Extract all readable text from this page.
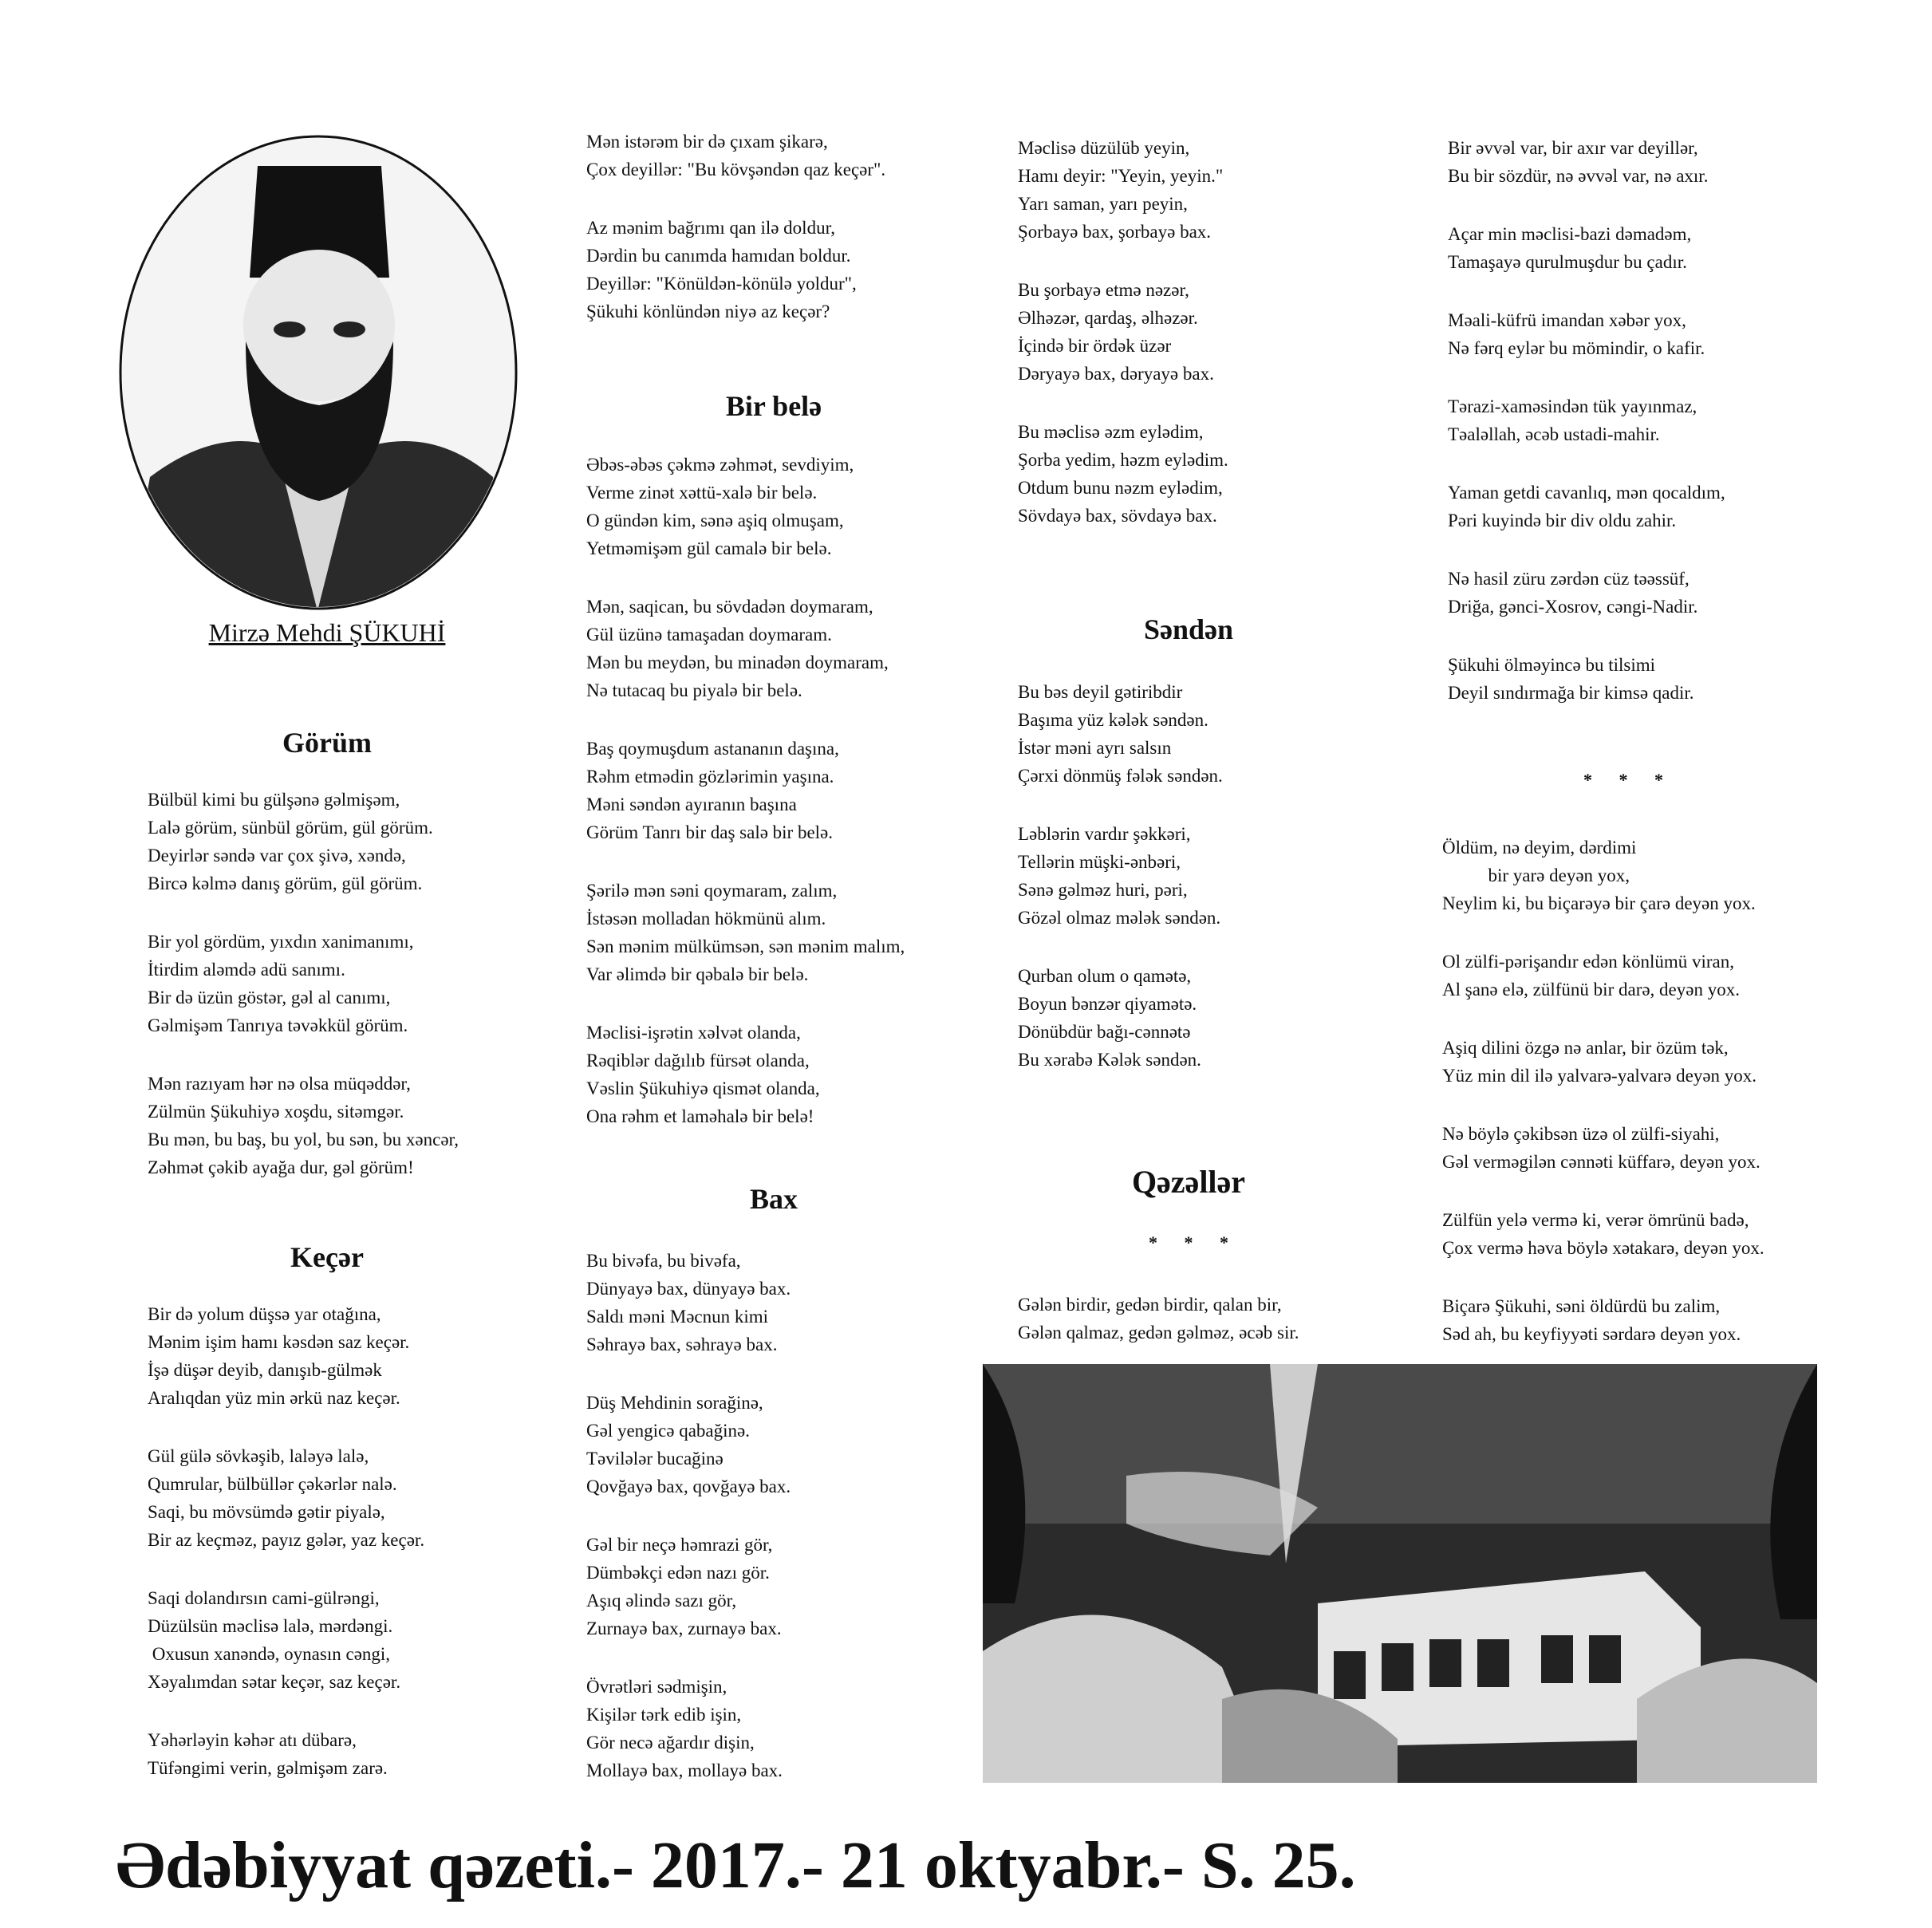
Mirzə Mehdi ŞÜKUHİ
Görüm
Bülbül kimi bu gülşənə gəlmişəm,
Lalə görüm, sünbül görüm, gül görüm.
Deyirlər səndə var çox şivə, xəndə,
Bircə kəlmə danış görüm, gül görüm.
Bir yol gördüm, yıxdın xanimanımı,
İtirdim aləmdə adü sanımı.
Bir də üzün göstər, gəl al canımı,
Gəlmişəm Tanrıya təvəkkül görüm.
Mən razıyam hər nə olsa müqəddər,
Zülmün Şükuhiyə xoşdu, sitəmgər.
Bu mən, bu baş, bu yol, bu sən, bu xəncər,
Zəhmət çəkib ayağa dur, gəl görüm!
Keçər
Bir də yolum düşsə yar otağına,
Mənim işim hamı kəsdən saz keçər.
İşə düşər deyib, danışıb-gülmək
Aralıqdan yüz min ərkü naz keçər.
Gül gülə sövkəşib, laləyə lalə,
Qumrular, bülbüllər çəkərlər nalə.
Saqi, bu mövsümdə gətir piyalə,
Bir az keçməz, payız gələr, yaz keçər.
Saqi dolandırsın cami-gülrəngi,
Düzülsün məclisə lalə, mərdəngi.
Oxusun xanəndə, oynasın cəngi,
Xəyalımdan sətar keçər, saz keçər.
Yəhərləyin kəhər atı dübarə,
Tüfəngimi verin, gəlmişəm zarə.
Mən istərəm bir də çıxam şikarə,
Çox deyillər: "Bu kövşəndən qaz keçər".
Az mənim bağrımı qan ilə doldur,
Dərdin bu canımda hamıdan boldur.
Deyillər: "Könüldən-könülə yoldur",
Şükuhi könlündən niyə az keçər?
Bir belə
Əbəs-əbəs çəkmə zəhmət, sevdiyim,
Verme zinət xəttü-xalə bir belə.
O gündən kim, sənə aşiq olmuşam,
Yetməmişəm gül camalə bir belə.
Mən, saqican, bu sövdadən doymaram,
Gül üzünə tamaşadan doymaram.
Mən bu meydən, bu minadən doymaram,
Nə tutacaq bu piyalə bir belə.
Baş qoymuşdum astananın daşına,
Rəhm etmədin gözlərimin yaşına.
Məni səndən ayıranın başına
Görüm Tanrı bir daş salə bir belə.
Şərilə mən səni qoymaram, zalım,
İstəsən molladan hökmünü alım.
Sən mənim mülkümsən, sən mənim malım,
Var əlimdə bir qəbalə bir belə.
Məclisi-işrətin xəlvət olanda,
Rəqiblər dağılıb fürsət olanda,
Vəslin Şükuhiyə qismət olanda,
Ona rəhm et laməhalə bir belə!
Bax
Bu bivəfa, bu bivəfa,
Dünyayə bax, dünyayə bax.
Saldı məni Məcnun kimi
Səhrayə bax, səhrayə bax.
Düş Mehdinin sorağinə,
Gəl yengicə qabağinə.
Təvilələr bucağinə
Qovğayə bax, qovğayə bax.
Gəl bir neçə həmrazi gör,
Dümbəkçi edən nazı gör.
Aşıq əlində sazı gör,
Zurnayə bax, zurnayə bax.
Övrətləri sədmişin,
Kişilər tərk edib işin,
Gör necə ağardır dişin,
Mollayə bax, mollayə bax.
Məclisə düzülüb yeyin,
Hamı deyir: "Yeyin, yeyin."
Yarı saman, yarı peyin,
Şorbayə bax, şorbayə bax.
Bu şorbayə etmə nəzər,
Əlhəzər, qardaş, əlhəzər.
İçində bir ördək üzər
Dəryayə bax, dəryayə bax.
Bu məclisə əzm eylədim,
Şorba yedim, həzm eylədim.
Otdum bunu nəzm eylədim,
Sövdayə bax, sövdayə bax.
Səndən
Bu bəs deyil gətiribdir
Başıma yüz kələk səndən.
İstər məni ayrı salsın
Çərxi dönmüş fələk səndən.
Ləblərin vardır şəkkəri,
Tellərin müşki-ənbəri,
Sənə gəlməz huri, pəri,
Gözəl olmaz mələk səndən.
Qurban olum o qamətə,
Boyun bənzər qiyamətə.
Dönübdür bağı-cənnətə
Bu xərabə Kələk səndən.
Qəzəllər
* * *
Gələn birdir, gedən birdir, qalan bir,
Gələn qalmaz, gedən gəlməz, əcəb sir.
Bir əvvəl var, bir axır var deyillər,
Bu bir sözdür, nə əvvəl var, nə axır.
Açar min məclisi-bazi dəmadəm,
Tamaşayə qurulmuşdur bu çadır.
Məali-küfrü imandan xəbər yox,
Nə fərq eylər bu mömindir, o kafir.
Tərazi-xaməsindən tük yayınmaz,
Təaləllah, əcəb ustadi-mahir.
Yaman getdi cavanlıq, mən qocaldım,
Pəri kuyində bir div oldu zahir.
Nə hasil züru zərdən cüz təəssüf,
Driğa, gənci-Xosrov, cəngi-Nadir.
Şükuhi ölməyincə bu tilsimi
Deyil sındırmağa bir kimsə qadir.
* * *
Öldüm, nə deyim, dərdimi
bir yarə deyən yox,
Neylim ki, bu biçarəyə bir çarə deyən yox.
Ol zülfi-pərişandır edən könlümü viran,
Al şanə elə, zülfünü bir darə, deyən yox.
Aşiq dilini özgə nə anlar, bir özüm tək,
Yüz min dil ilə yalvarə-yalvarə deyən yox.
Nə böylə çəkibsən üzə ol zülfi-siyahi,
Gəl verməgilən cənnəti küffarə, deyən yox.
Zülfün yelə vermə ki, verər ömrünü badə,
Çox vermə həva böylə xətakarə, deyən yox.
Biçarə Şükuhi, səni öldürdü bu zalim,
Səd ah, bu keyfiyyəti sərdarə deyən yox.
Ədəbiyyat qəzeti.- 2017.- 21 oktyabr.- S. 25.
